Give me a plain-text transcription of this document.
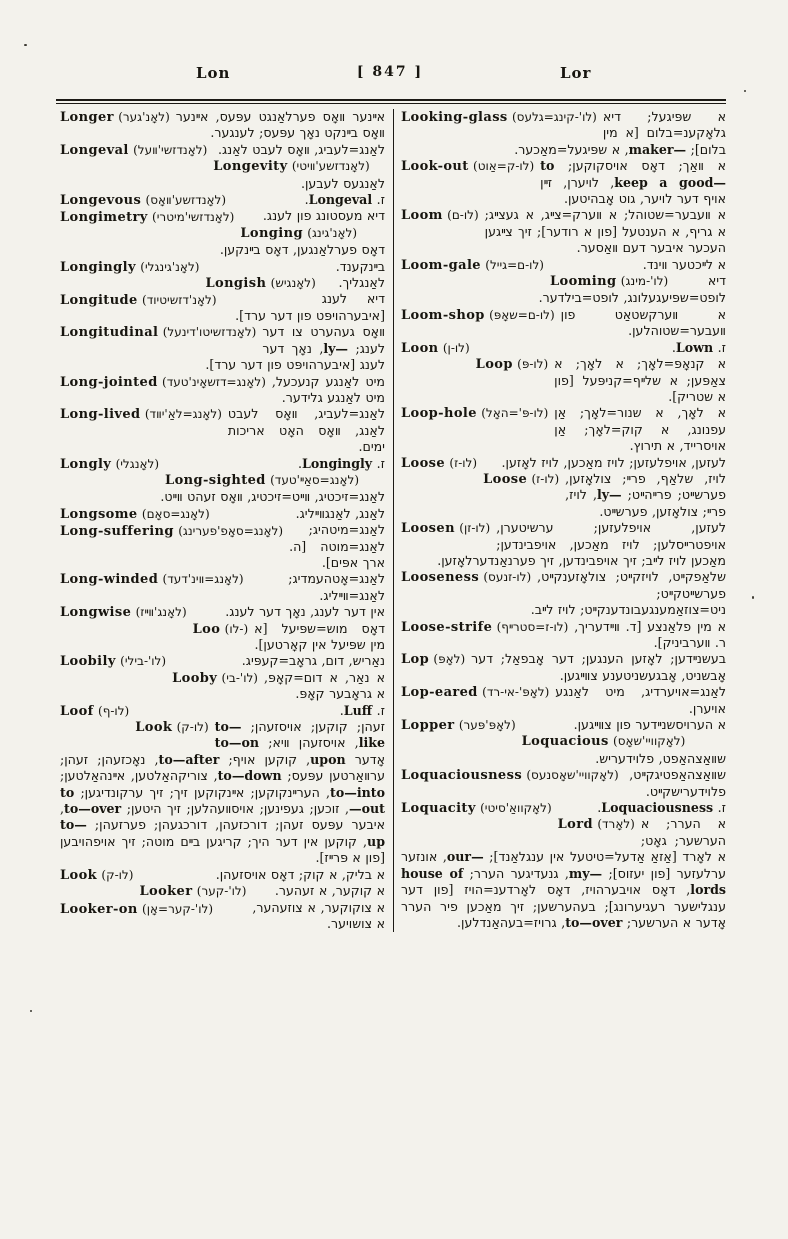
Lon	[ 847 ]	Lor

Longer (לאָנ'גער) אײנער װאָס פערלאַנגט עפּעס, אײנער װאָס בײנקט נאָך עפּעס; לענגער.

Longeval (לאָנדזשי'װעל) לאַנג=לעביג, װאָס לעבט לאַנג.

Longevity (לאָנדזשע'װיטי)
לאַנגעס לעבען.

Longevous (לאָנדזשע'װאָס)	ז. Longeval.

Longimetry (לאָנדזשי'מיטרי) דיא מעסטונג פון לענג.

Longing (לאָנ'גינג)
דאָס פערלאַנגען, דאָס בײנקען.

Longingly (לאָנ'גינגלי)	בײנקענד.

Longish (לאָנגיש) לאַנגליך.

Longitude (לאָנ'דזשיטיוד)	דיא לענג [איבערהויפּט פון דער ערד].

Longitudinal (לאָנדזשיטו'דינעל) װאָס געהערט צו דער לענג; ly—, נאָך דער לענג [איבערהויפּט פון דער ערד].

Long-jointed (לאָנג=דזשאָינ'טעד) מיט לאַנגע קנעכעל, מיט לאַנגע גלידער.

Long-lived (לאָנג=לאַ'יװד) לאַנג=לעביג, װאָס לעבט לאַנג, װאָס האָט אריכות ימים.

Longly (לאָנגלי)	ז. Longingly.

Long-sighted (לאָנג=סאַײ'טעד)
לאַנג=זיכטיג, װײט=זיכטיג, װאָס זעהט װײט.

Longsome (לאָנג=סאָם)	לאַנג, לאַנגװײליג.

Long-suffering (לאָנג=סאָפ'פערינג) לאַנג=מיטהיג; לאַנג=מוטה [ה. ארך אפּים].

Long-winded (לאָנג=װינ'דעד)	לאַנג=אָטהעמדיג; לאַנג=װײליג.

Longwise (לאָנג'װײז)	אין דער לענג, נאָך דער לענג.

Loo (לו-) דאָס מוש=שפּיעל [א מין שפּיעל אין קאָרטען].

Loobily (לו'-בילי)	נאַריש, דום, גראָב=קעפּיג.

Looby (לו'-בי) א נאַר, א דום=קאָפּ, א גראָבער קאָפּ.

Loof (לו-ף)	ז. Luff.

Look (לו-ק)	זעהן; קוקען; אויסזעהן; to—like, אויסזעהן װיא; to—on אָדער upon, קוקען אויף; to—after, נאָכזעהן; זעהן; ערװאַרטען עפּעס; to—down, צוריקהאַלטען, אײנהאַלטען; to—into, הערײנקוקען; אײנקוקען זיך; זיך ערקונדיגען; to—out, זוכען; געפינען; אויסװעהלען; זיך היטען; to—over, איבער עפּעס זעהן; דורכזעהן, דורכגעהן; פערזעהן; to—up, קוקען אין דער היך; קריגען בײם מוטה; זיך אויפהויבען [פון א פּרײז].

Look (לו-ק)	א בליק, א קוק; דאָס אויסזעהן.

Looker (לו'-קער) א קוקער, א זעהער.

Looker-on (לו'-קער=אָן)	א צוקוקער, א צוזעהער, א צושויער.

Looking-glass (לו'-קינג=גלעס) א שפּיגעל; דיא גלאָקענ=בלום [א מין בלום]; maker—, א שפּיגעל=מאַכער.

Look-out (לו-ק=אַוט) א װאַך; דאָס אויסקוקען; to keep a good—, לויערן, זײן אויף דער לויער, גוט אָבהיטען.

Loom (לו-ם) א װעבער=שטוהל; א װערק=צײג, א געצײג; א גריף, א הענטעל [פון א רודער]; זיך צײגען העכער איבער דעם װאַסער.

Loom-gale (לו-ם=גייל)	א לײכטער װינד.

Looming (לו'-מינג)	דיא לופט=שפּיעגעלונג, לופט=בילדער.

Loom-shop (לו-ם=שאָפּ) א װערקשטאַט פון װעבער=שטוהלען.

Loon (לו-ן)	ז. Lown.

Loop (לו-פּ) א קנאָפּ=לאָך; א לאָך; א צאַפּען; א שלײף=קניפּעל [פון א שטריק].

Loop-hole (לו-פּ'=האָל) א לאָך, א שנור=לאָך; אַן עפנונג, א קוק=לאָך; אַן אויסרייד, א תירוץ.

Loose (לו-ז) לעזען, אויפלעזען; לויז מאַכען, לויז לאָזען.

Loose (לו-ז) לויז, שלאַף, פרײ; צולאָזען, פערשײט; פרײהײט; ly—, לויז, פרײ; צולאָזען, פערשײט.

Loosen (לו-זן) לעזען, אויפלעזען; ערשיטערן, אויפטרײסלען; לויז מאַכען, אויפבינדען; מאַכען לויז לײב; זיך אויפבינדען, זיך פערנאַנדערלאָזען.

Looseness (לו-זנעס) שלאַפקײט, לויזקײט; צולאָזענקײט, פערשײטקײט; ניט=צוזאַמענגעבונדענקײט; לויז לײב.

Loose-strife (לו-ז=סטרײף) א מין פלאַנצע [ד. װײדעריך, ר. װערביניק].

Lop (לאָפּ) בעשנײדען; לאָזען הענגען; דער אָבפאַל; דער אָבשניט, אָבגעשניטענע צװײגען.

Lop-eared (לאָפּ'-אי-רד) לאַנג=אויערדיג, מיט לאַנגע אויערן.

Lopper (לאָפּ'פּער)	א הערויסשנײדער פון צװײגען.

Loquacious (לאָקוויי'שאָס)
שװאַצהאַפט, פלוידעריש.

Loquaciousness (לאָקוויי'שאָסנעס) שװאַצהאַפטיגקײט, פלוידערישקײט.

Loquacity (לאָקוואַ'סיטי)	ז. Loquaciousness.

Lord (לאָרד) א הערר; א הערשער; גאָט; א לאָרד [אַזאַ אַדעל=טיטעל אין ענגלאַנד]; our—, אונזער ערלעזער [פון יעזוס]; my—, גנעדיגער הערר; house of lords, דאָס אויבערהויז, דאָס לאָרדענ=הויז [פון דער ענגלישער רעגיערונג]; בעהערשען; זיך מאַכען פיר הערר אָדער א הערשער; to—over, גרויז=בעהאַנדלען.
